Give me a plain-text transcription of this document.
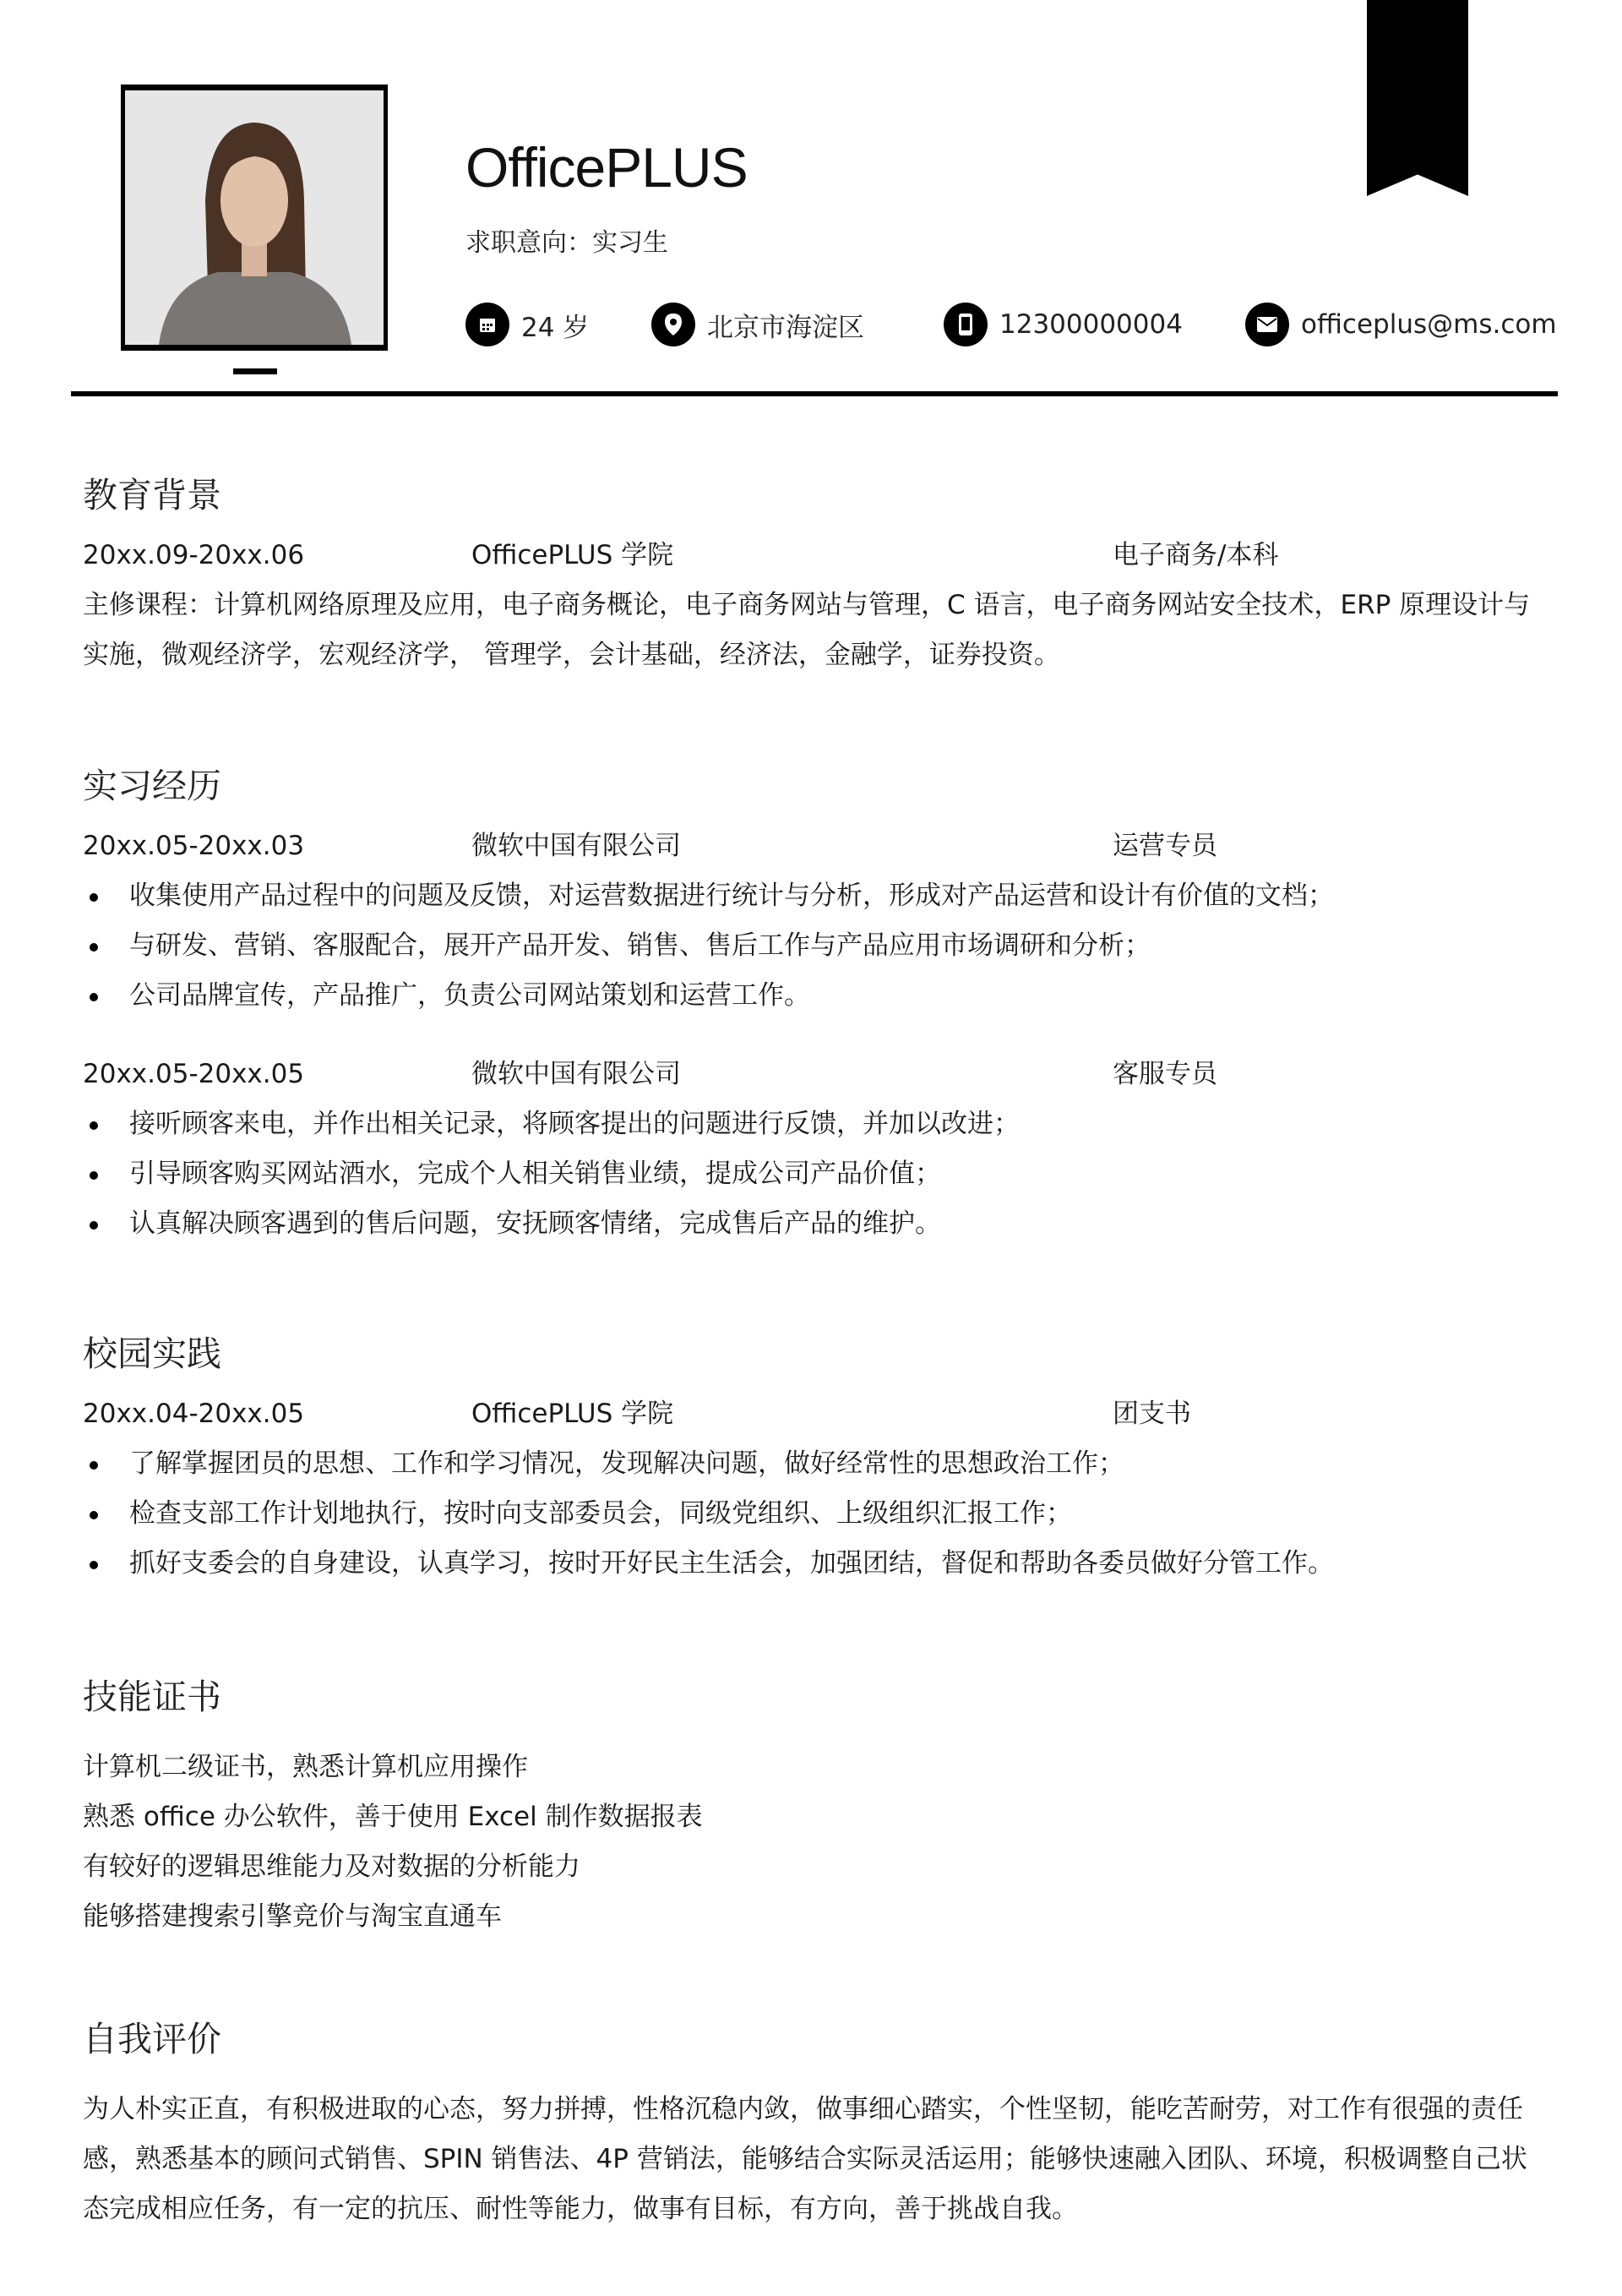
OfficePLUS
求职意向：实习生
24 岁	北京市海淀区	12300000004	officeplus@ms.com
教育背景
20xx.09-20xx.06	OfficePLUS 学院	电子商务/本科
主修课程：计算机网络原理及应用，电子商务概论，电子商务网站与管理，C 语言，电子商务网站安全技术，ERP 原理设计与实施，微观经济学，宏观经济学， 管理学，会计基础，经济法，金融学，证券投资。
实习经历
20xx.05-20xx.03	微软中国有限公司	运营专员
收集使用产品过程中的问题及反馈，对运营数据进行统计与分析，形成对产品运营和设计有价值的文档；
与研发、营销、客服配合，展开产品开发、销售、售后工作与产品应用市场调研和分析；
公司品牌宣传，产品推广，负责公司网站策划和运营工作。
20xx.05-20xx.05	微软中国有限公司	客服专员
接听顾客来电，并作出相关记录，将顾客提出的问题进行反馈，并加以改进；
引导顾客购买网站酒水，完成个人相关销售业绩，提成公司产品价值；
认真解决顾客遇到的售后问题，安抚顾客情绪，完成售后产品的维护。
校园实践
20xx.04-20xx.05	OfficePLUS 学院	团支书
了解掌握团员的思想、工作和学习情况，发现解决问题，做好经常性的思想政治工作；
检查支部工作计划地执行，按时向支部委员会，同级党组织、上级组织汇报工作；
抓好支委会的自身建设，认真学习，按时开好民主生活会，加强团结，督促和帮助各委员做好分管工作。
技能证书
计算机二级证书，熟悉计算机应用操作
熟悉 office 办公软件，善于使用 Excel 制作数据报表
有较好的逻辑思维能力及对数据的分析能力
能够搭建搜索引擎竞价与淘宝直通车
自我评价
为人朴实正直，有积极进取的心态，努力拼搏，性格沉稳内敛，做事细心踏实，个性坚韧，能吃苦耐劳，对工作有很强的责任感，熟悉基本的顾问式销售、SPIN 销售法、4P 营销法，能够结合实际灵活运用；能够快速融入团队、环境，积极调整自己状态完成相应任务，有一定的抗压、耐性等能力，做事有目标，有方向，善于挑战自我。
